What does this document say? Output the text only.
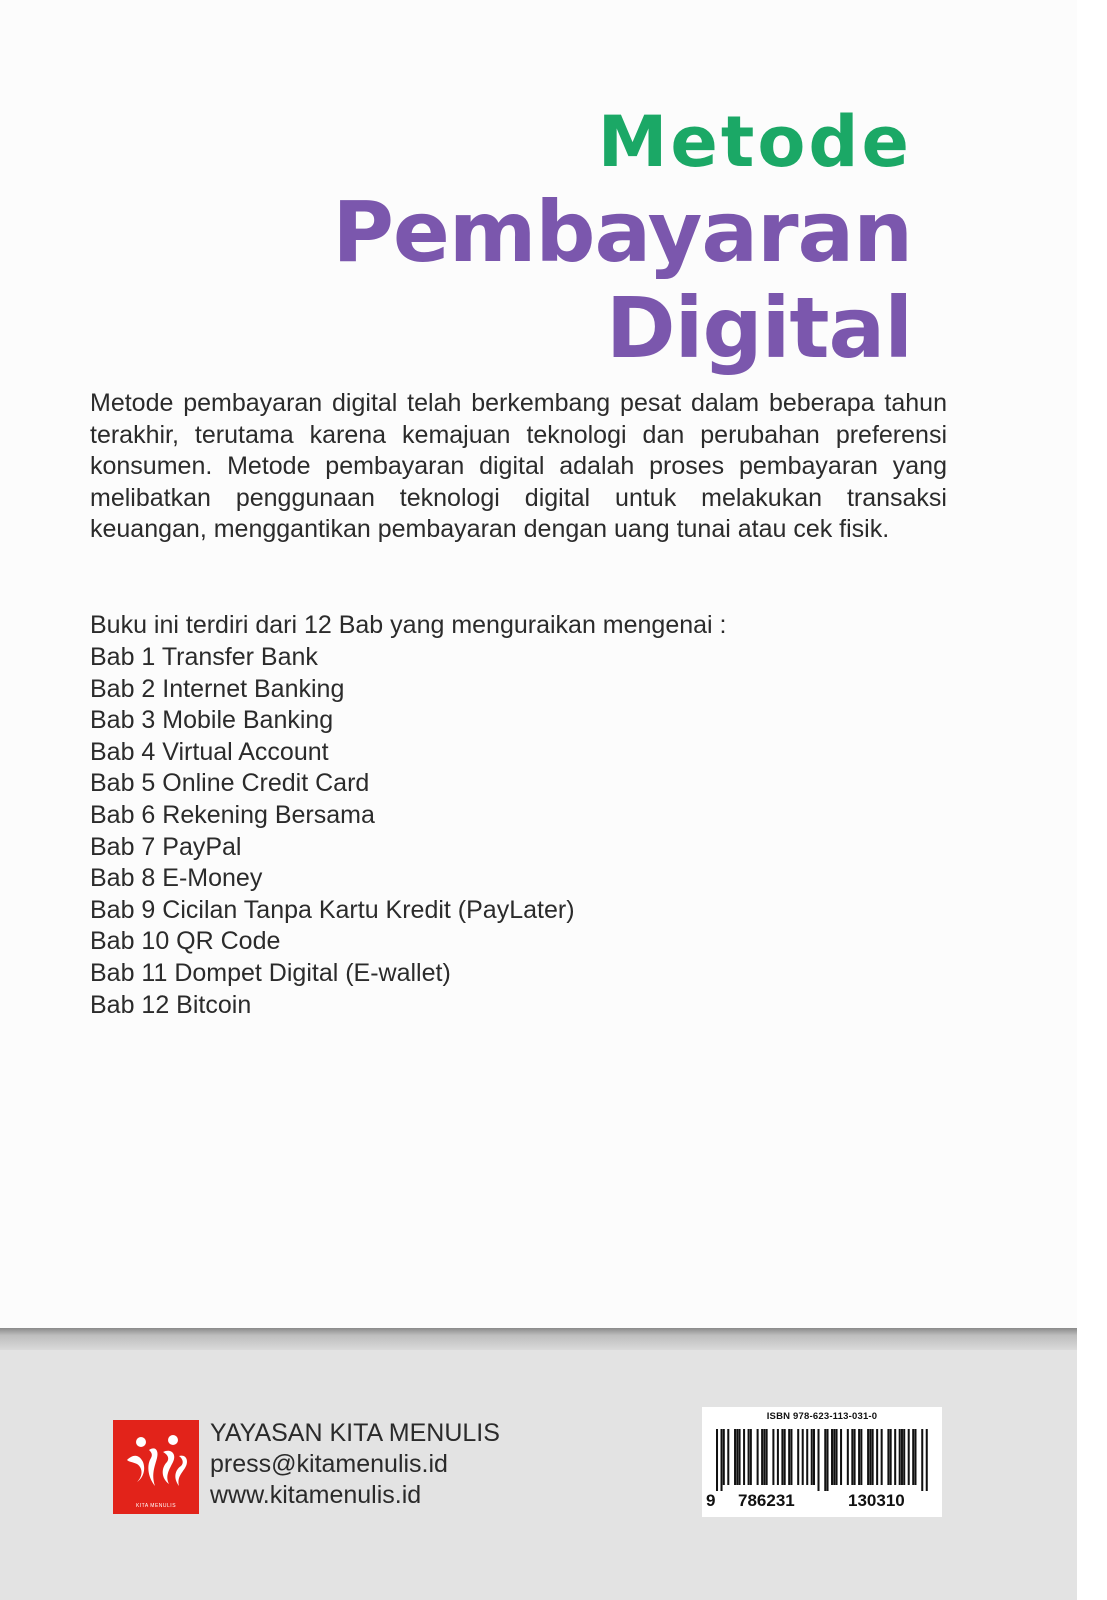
Metode
Pembayaran
Digital
Metode pembayaran digital telah berkembang pesat dalam beberapa tahun terakhir, terutama karena kemajuan teknologi dan perubahan preferensi konsumen. Metode pembayaran digital adalah proses pembayaran yang melibatkan penggunaan teknologi digital untuk melakukan transaksi keuangan, menggantikan pembayaran dengan uang tunai atau cek fisik.
Buku ini terdiri dari 12 Bab yang menguraikan mengenai :
Bab 1 Transfer Bank
Bab 2 Internet Banking
Bab 3 Mobile Banking
Bab 4 Virtual Account
Bab 5 Online Credit Card
Bab 6 Rekening Bersama
Bab 7 PayPal
Bab 8 E-Money
Bab 9 Cicilan Tanpa Kartu Kredit (PayLater)
Bab 10 QR Code
Bab 11 Dompet Digital (E-wallet)
Bab 12 Bitcoin
KITA MENULIS
YAYASAN KITA MENULIS
press@kitamenulis.id
www.kitamenulis.id
ISBN 978-623-113-031-0
9 786231	130310
